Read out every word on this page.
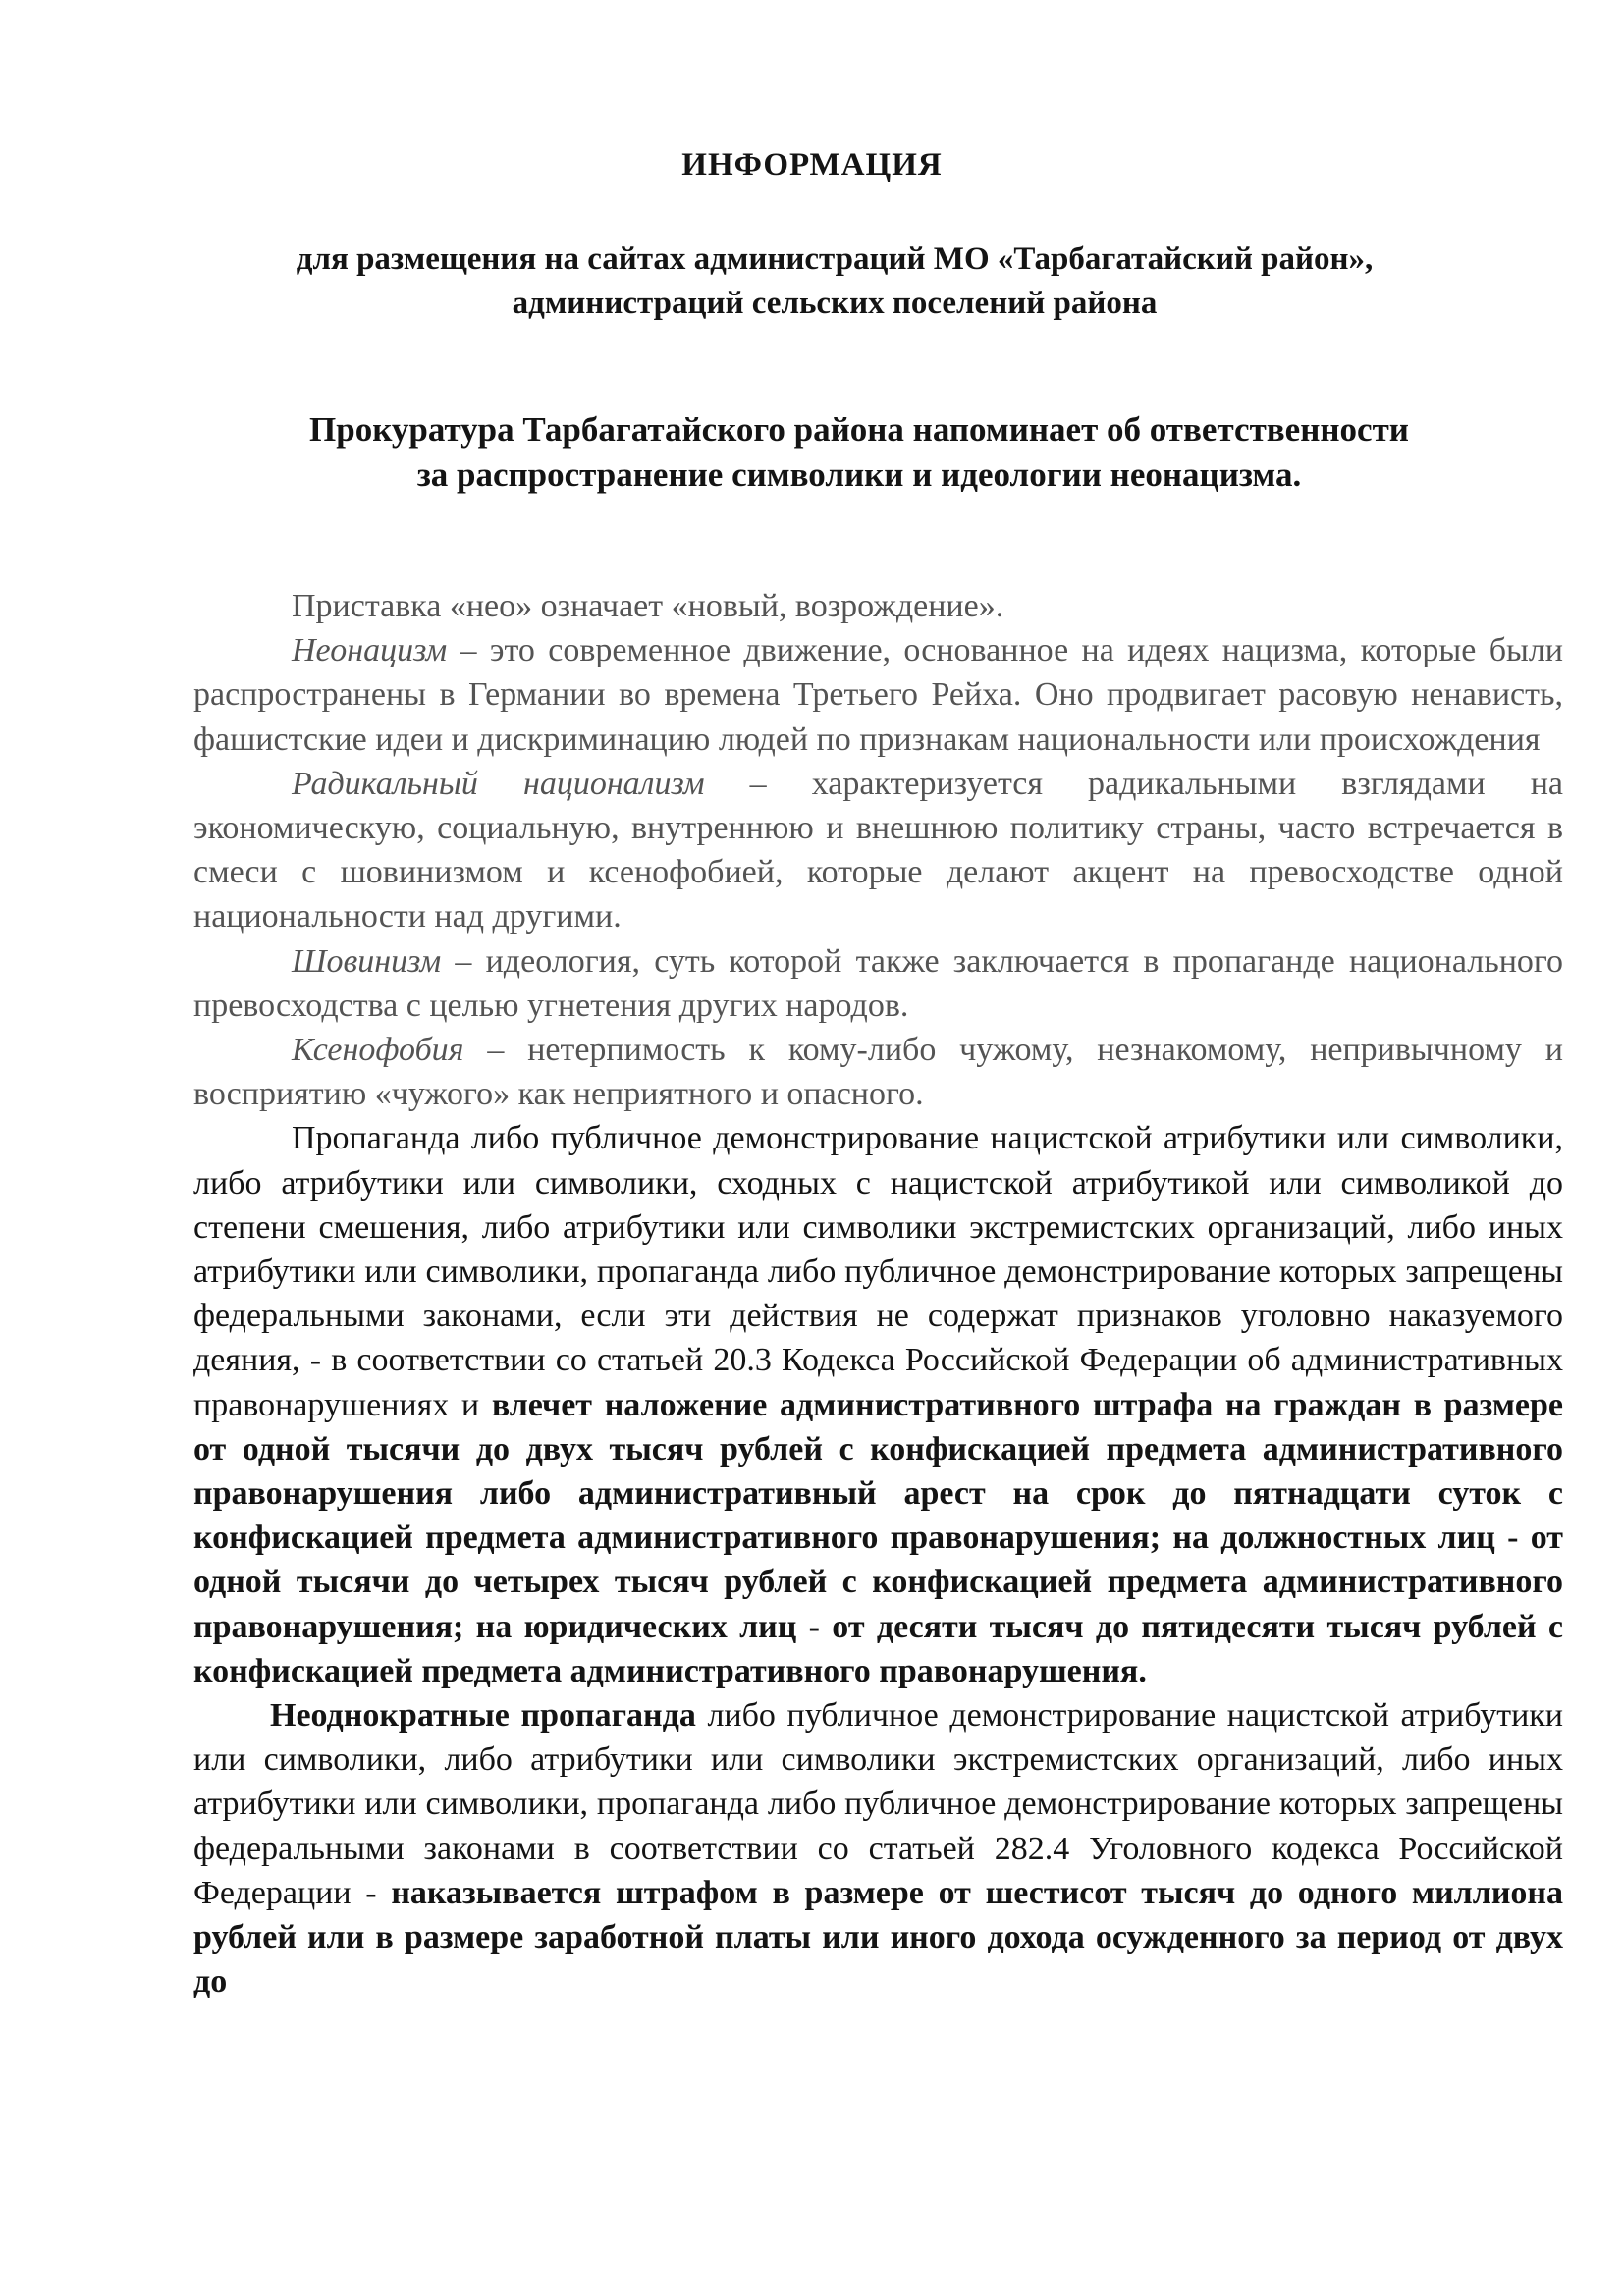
ИНФОРМАЦИЯ
для размещения на сайтах администраций МО «Тарбагатайский район»,
администраций сельских поселений района
Прокуратура Тарбагатайского района напоминает об ответственности
за распространение символики и идеологии неонацизма.

Приставка «нео» означает «новый, возрождение».

Неонацизм – это современное движение, основанное на идеях нацизма, которые были распространены в Германии во времена Третьего Рейха. Оно продвигает расовую ненависть, фашистские идеи и дискриминацию людей по признакам национальности или происхождения

Радикальный национализм – характеризуется радикальными взглядами на экономическую, социальную, внутреннюю и внешнюю политику страны, часто встречается в смеси с шовинизмом и ксенофобией, которые делают акцент на превосходстве одной национальности над другими.

Шовинизм – идеология, суть которой также заключается в пропаганде национального превосходства с целью угнетения других народов.

Ксенофобия – нетерпимость к кому-либо чужому, незнакомому, непривычному и восприятию «чужого» как неприятного и опасного.

Пропаганда либо публичное демонстрирование нацистской атрибутики или символики, либо атрибутики или символики, сходных с нацистской атрибутикой или символикой до степени смешения, либо атрибутики или символики экстремистских организаций, либо иных атрибутики или символики, пропаганда либо публичное демонстрирование которых запрещены федеральными законами, если эти действия не содержат признаков уголовно наказуемого деяния, - в соответствии со статьей 20.3 Кодекса Российской Федерации об административных правонарушениях и влечет наложение административного штрафа на граждан в размере от одной тысячи до двух тысяч рублей с конфискацией предмета административного правонарушения либо административный арест на срок до пятнадцати суток с конфискацией предмета административного правонарушения; на должностных лиц - от одной тысячи до четырех тысяч рублей с конфискацией предмета административного правонарушения; на юридических лиц - от десяти тысяч до пятидесяти тысяч рублей с конфискацией предмета административного правонарушения.

Неоднократные пропаганда либо публичное демонстрирование нацистской атрибутики или символики, либо атрибутики или символики экстремистских организаций, либо иных атрибутики или символики, пропаганда либо публичное демонстрирование которых запрещены федеральными законами в соответствии со статьей 282.4 Уголовного кодекса Российской Федерации - наказывается штрафом в размере от шестисот тысяч до одного миллиона рублей или в размере заработной платы или иного дохода осужденного за период от двух до
